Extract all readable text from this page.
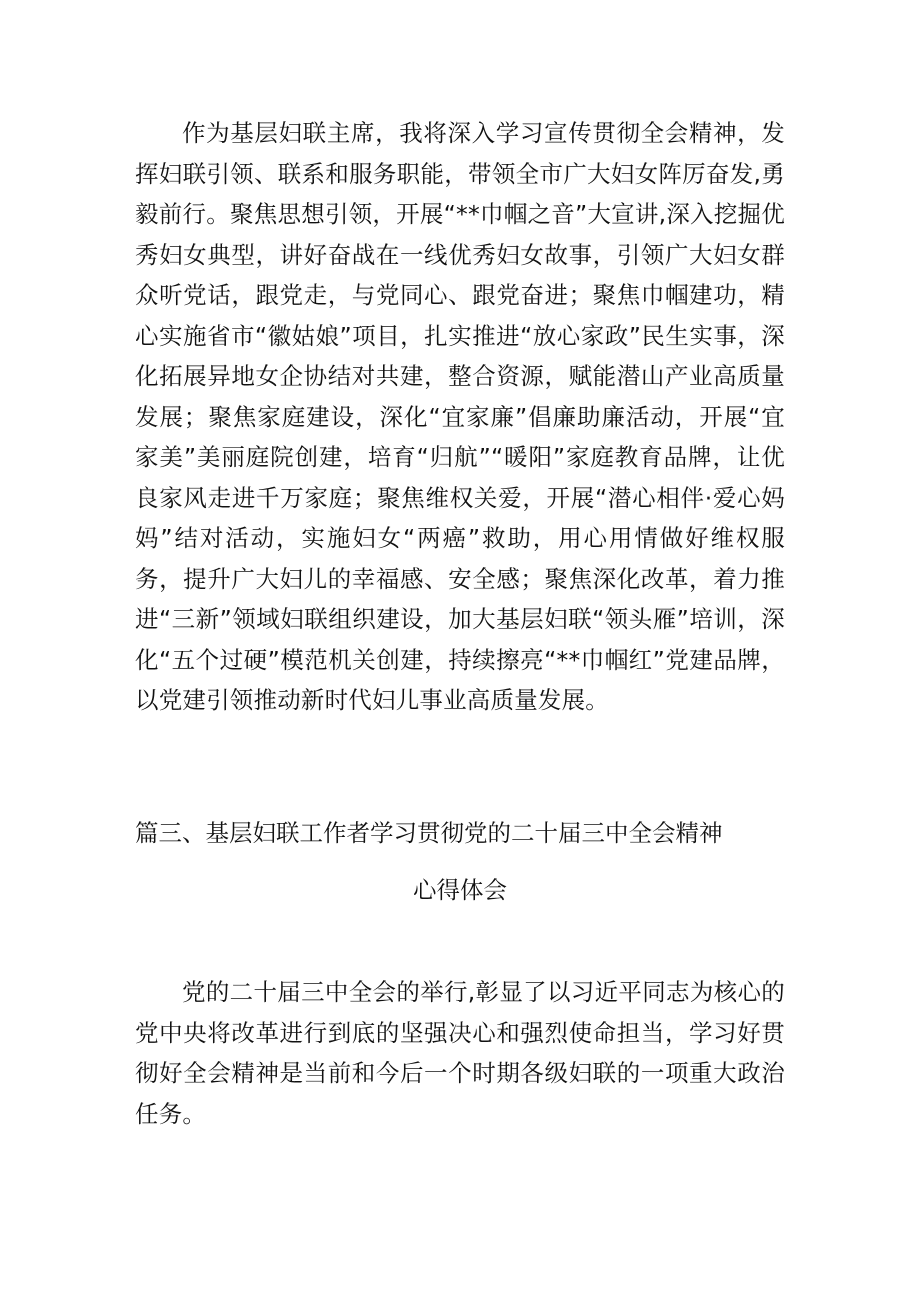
作为基层妇联主席，我将深入学习宣传贯彻全会精神，发挥妇联引领、联系和服务职能，带领全市广大妇女阵厉奋发,勇毅前行。聚焦思想引领，开展“**巾帼之音”大宣讲,深入挖掘优秀妇女典型，讲好奋战在一线优秀妇女故事，引领广大妇女群众听党话，跟党走，与党同心、跟党奋进；聚焦巾帼建功，精心实施省市“徽姑娘”项目，扎实推进“放心家政”民生实事，深化拓展异地女企协结对共建，整合资源，赋能潜山产业高质量发展；聚焦家庭建设，深化“宜家廉”倡廉助廉活动，开展“宜家美”美丽庭院创建，培育“归航”“暖阳”家庭教育品牌，让优良家风走进千万家庭；聚焦维权关爱，开展“潜心相伴·爱心妈妈”结对活动，实施妇女“两癌”救助，用心用情做好维权服务，提升广大妇儿的幸福感、安全感；聚焦深化改革，着力推进“三新”领域妇联组织建设，加大基层妇联“领头雁”培训，深化“五个过硬”模范机关创建，持续擦亮“**巾帼红”党建品牌，以党建引领推动新时代妇儿事业高质量发展。

篇三、基层妇联工作者学习贯彻党的二十届三中全会精神

心得体会

党的二十届三中全会的举行,彰显了以习近平同志为核心的党中央将改革进行到底的坚强决心和强烈使命担当，学习好贯彻好全会精神是当前和今后一个时期各级妇联的一项重大政治任务。
